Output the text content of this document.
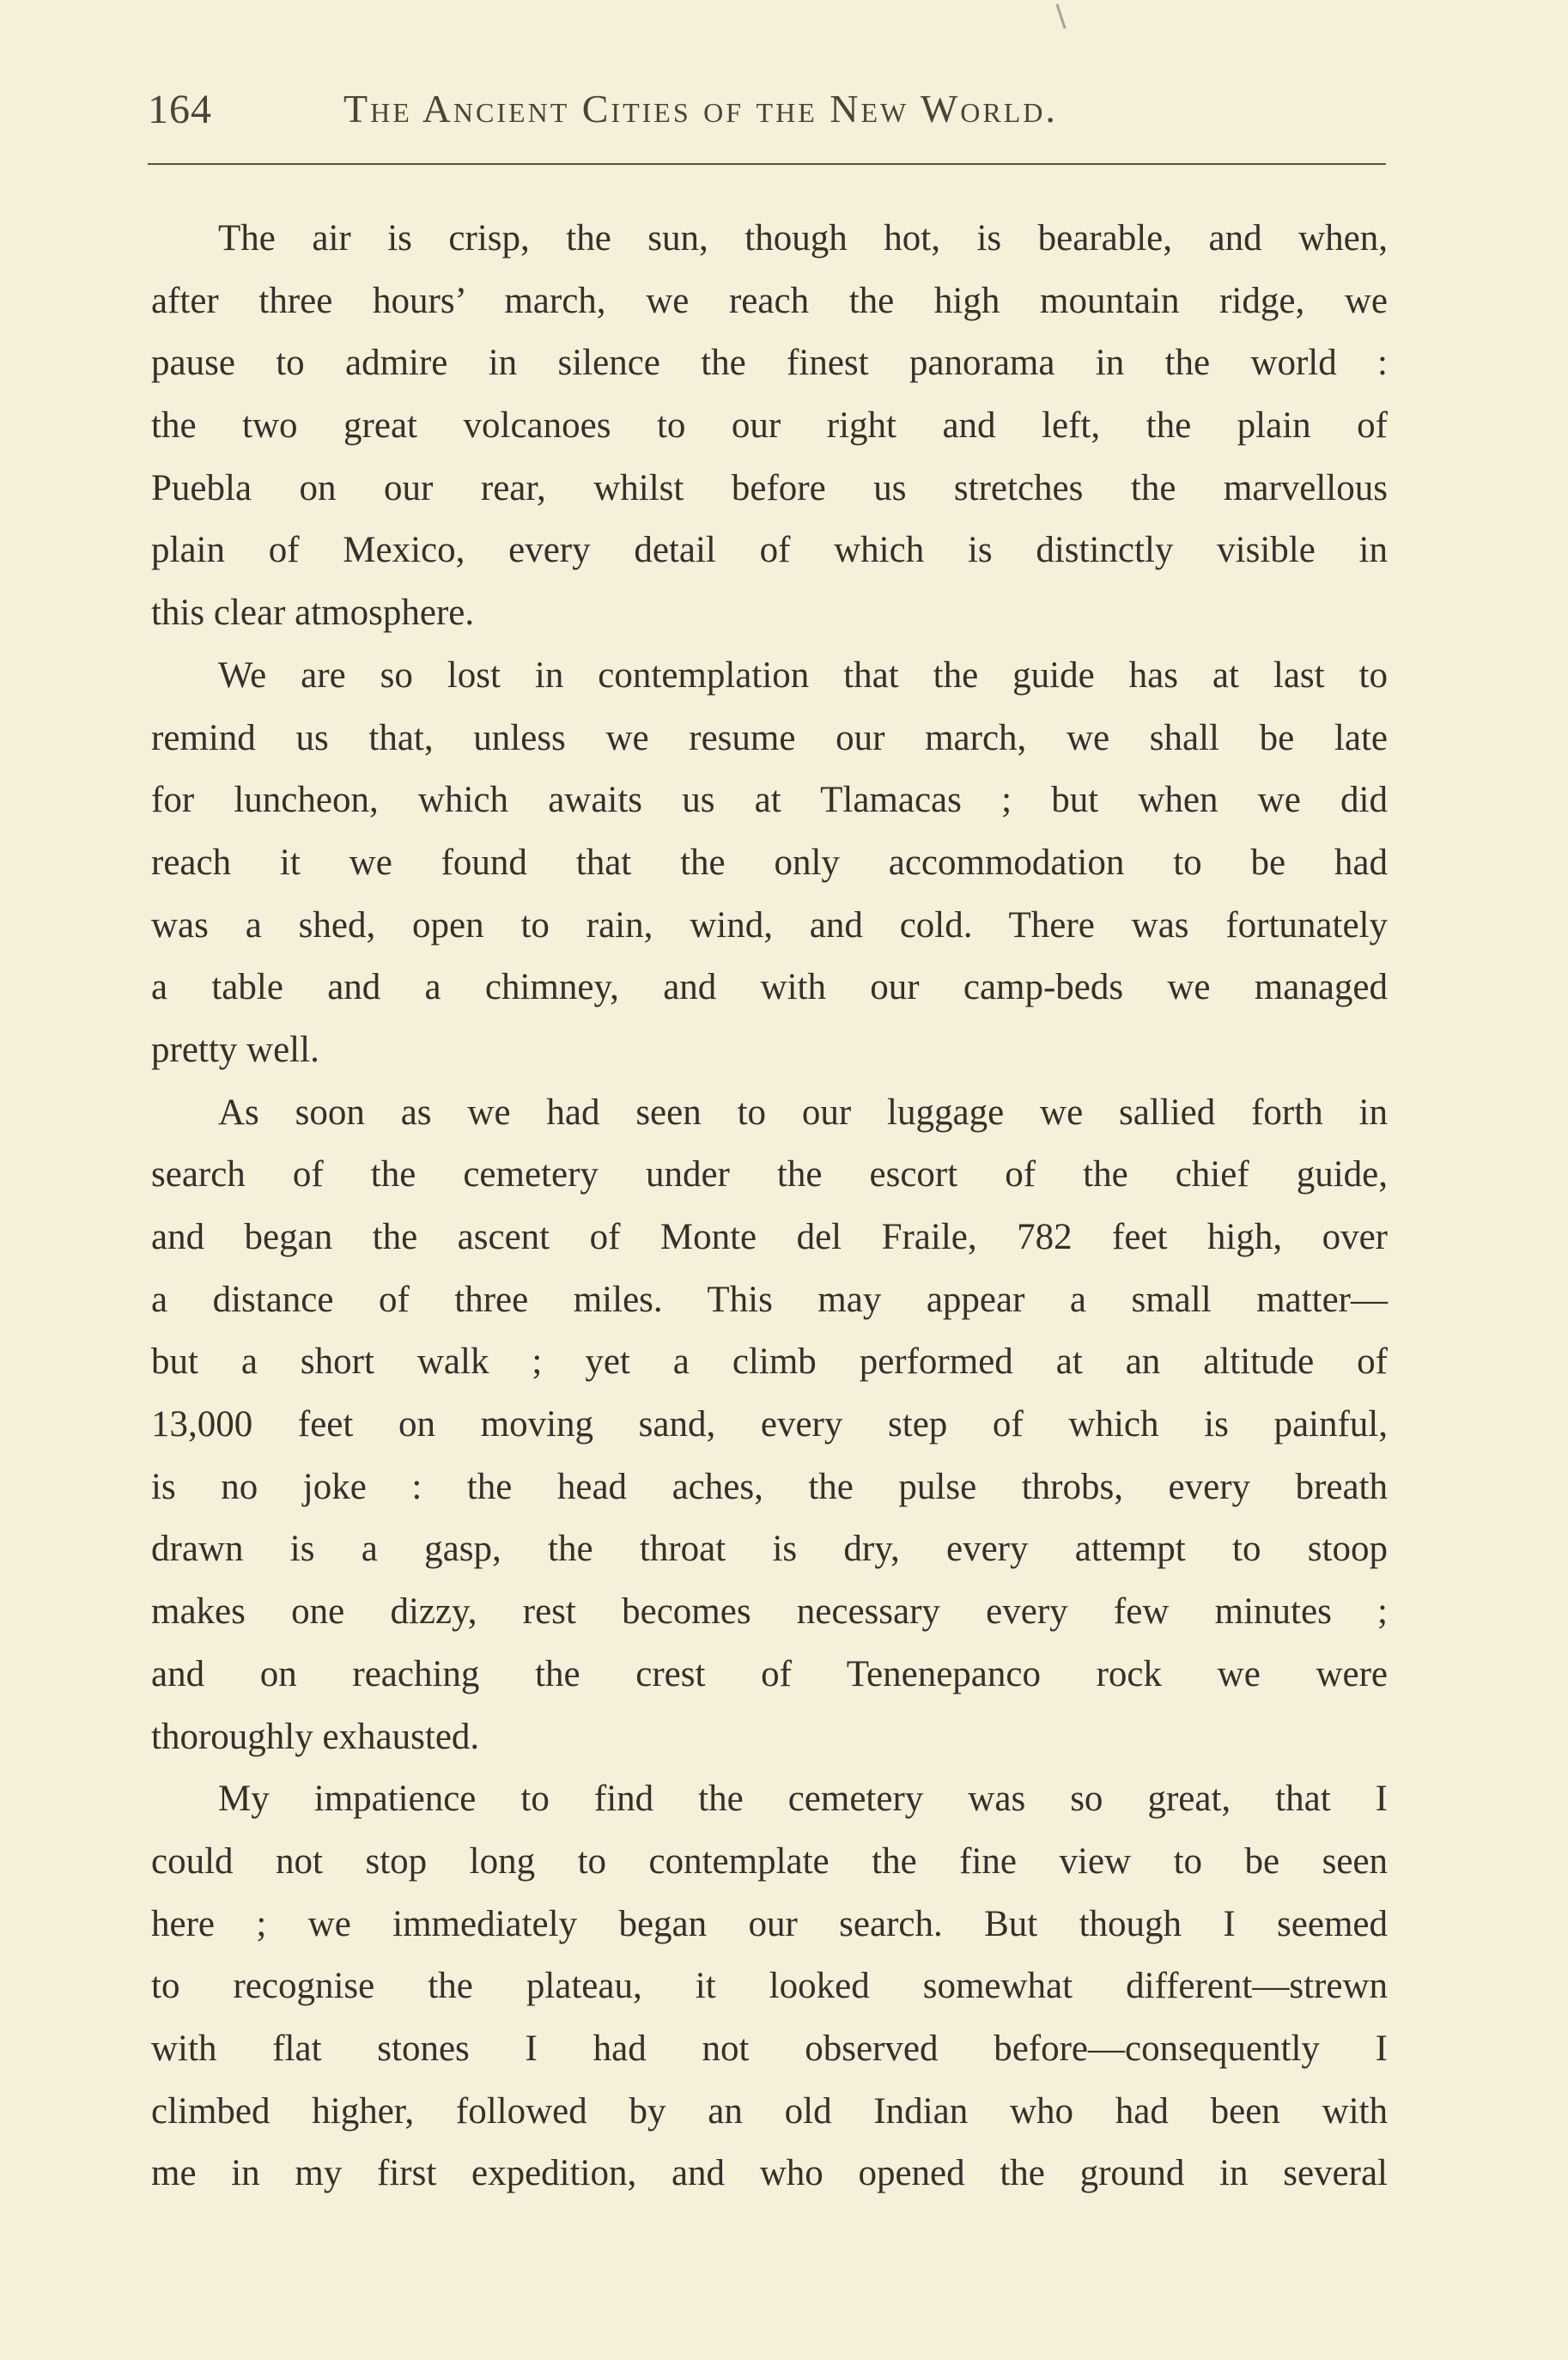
164	The Ancient Cities of the New World.
The air is crisp, the sun, though hot, is bearable, and when,
after three hours’ march, we reach the high mountain ridge, we
pause to admire in silence the finest panorama in the world :
the two great volcanoes to our right and left, the plain of
Puebla on our rear, whilst before us stretches the marvellous
plain of Mexico, every detail of which is distinctly visible in
this clear atmosphere.
We are so lost in contemplation that the guide has at last to
remind us that, unless we resume our march, we shall be late
for luncheon, which awaits us at Tlamacas ; but when we did
reach it we found that the only accommodation to be had
was a shed, open to rain, wind, and cold. There was fortunately
a table and a chimney, and with our camp-beds we managed
pretty well.
As soon as we had seen to our luggage we sallied forth in
search of the cemetery under the escort of the chief guide,
and began the ascent of Monte del Fraile, 782 feet high, over
a distance of three miles. This may appear a small matter—
but a short walk ; yet a climb performed at an altitude of
13,000 feet on moving sand, every step of which is painful,
is no joke : the head aches, the pulse throbs, every breath
drawn is a gasp, the throat is dry, every attempt to stoop
makes one dizzy, rest becomes necessary every few minutes ;
and on reaching the crest of Tenenepanco rock we were
thoroughly exhausted.
My impatience to find the cemetery was so great, that I
could not stop long to contemplate the fine view to be seen
here ; we immediately began our search. But though I seemed
to recognise the plateau, it looked somewhat different—strewn
with flat stones I had not observed before—consequently I
climbed higher, followed by an old Indian who had been with
me in my first expedition, and who opened the ground in several
